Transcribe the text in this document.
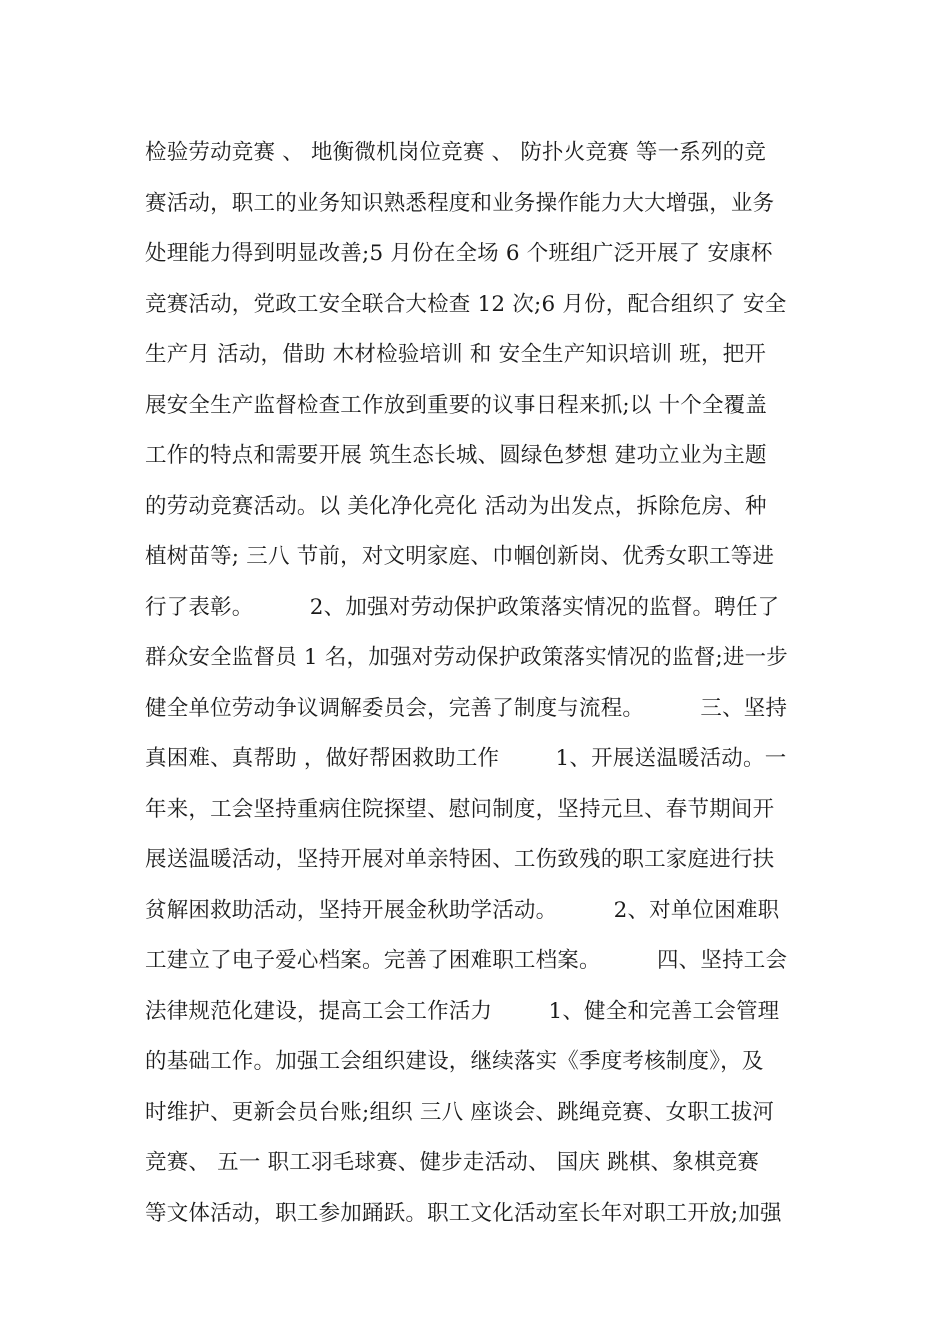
检验劳动竞赛 、 地衡微机岗位竞赛 、 防扑火竞赛 等一系列的竞
赛活动，职工的业务知识熟悉程度和业务操作能力大大增强，业务
处理能力得到明显改善;5 月份在全场 6 个班组广泛开展了 安康杯
竞赛活动，党政工安全联合大检查 12 次;6 月份，配合组织了 安全
生产月 活动，借助 木材检验培训 和 安全生产知识培训 班，把开
展安全生产监督检查工作放到重要的议事日程来抓;以 十个全覆盖
工作的特点和需要开展 筑生态长城、圆绿色梦想 建功立业为主题
的劳动竞赛活动。以 美化净化亮化 活动为出发点，拆除危房、种
植树苗等; 三八 节前，对文明家庭、巾帼创新岗、优秀女职工等进
行了表彰。        2、加强对劳动保护政策落实情况的监督。聘任了
群众安全监督员 1 名，加强对劳动保护政策落实情况的监督;进一步
健全单位劳动争议调解委员会，完善了制度与流程。        三、坚持
真困难、真帮助 ，做好帮困救助工作        1、开展送温暖活动。一
年来，工会坚持重病住院探望、慰问制度，坚持元旦、春节期间开
展送温暖活动，坚持开展对单亲特困、工伤致残的职工家庭进行扶
贫解困救助活动，坚持开展金秋助学活动。        2、对单位困难职
工建立了电子爱心档案。完善了困难职工档案。        四、坚持工会
法律规范化建设，提高工会工作活力        1、健全和完善工会管理
的基础工作。加强工会组织建设，继续落实《季度考核制度》，及
时维护、更新会员台账;组织 三八 座谈会、跳绳竞赛、女职工拔河
竞赛、 五一 职工羽毛球赛、健步走活动、 国庆 跳棋、象棋竞赛
等文体活动，职工参加踊跃。职工文化活动室长年对职工开放;加强
